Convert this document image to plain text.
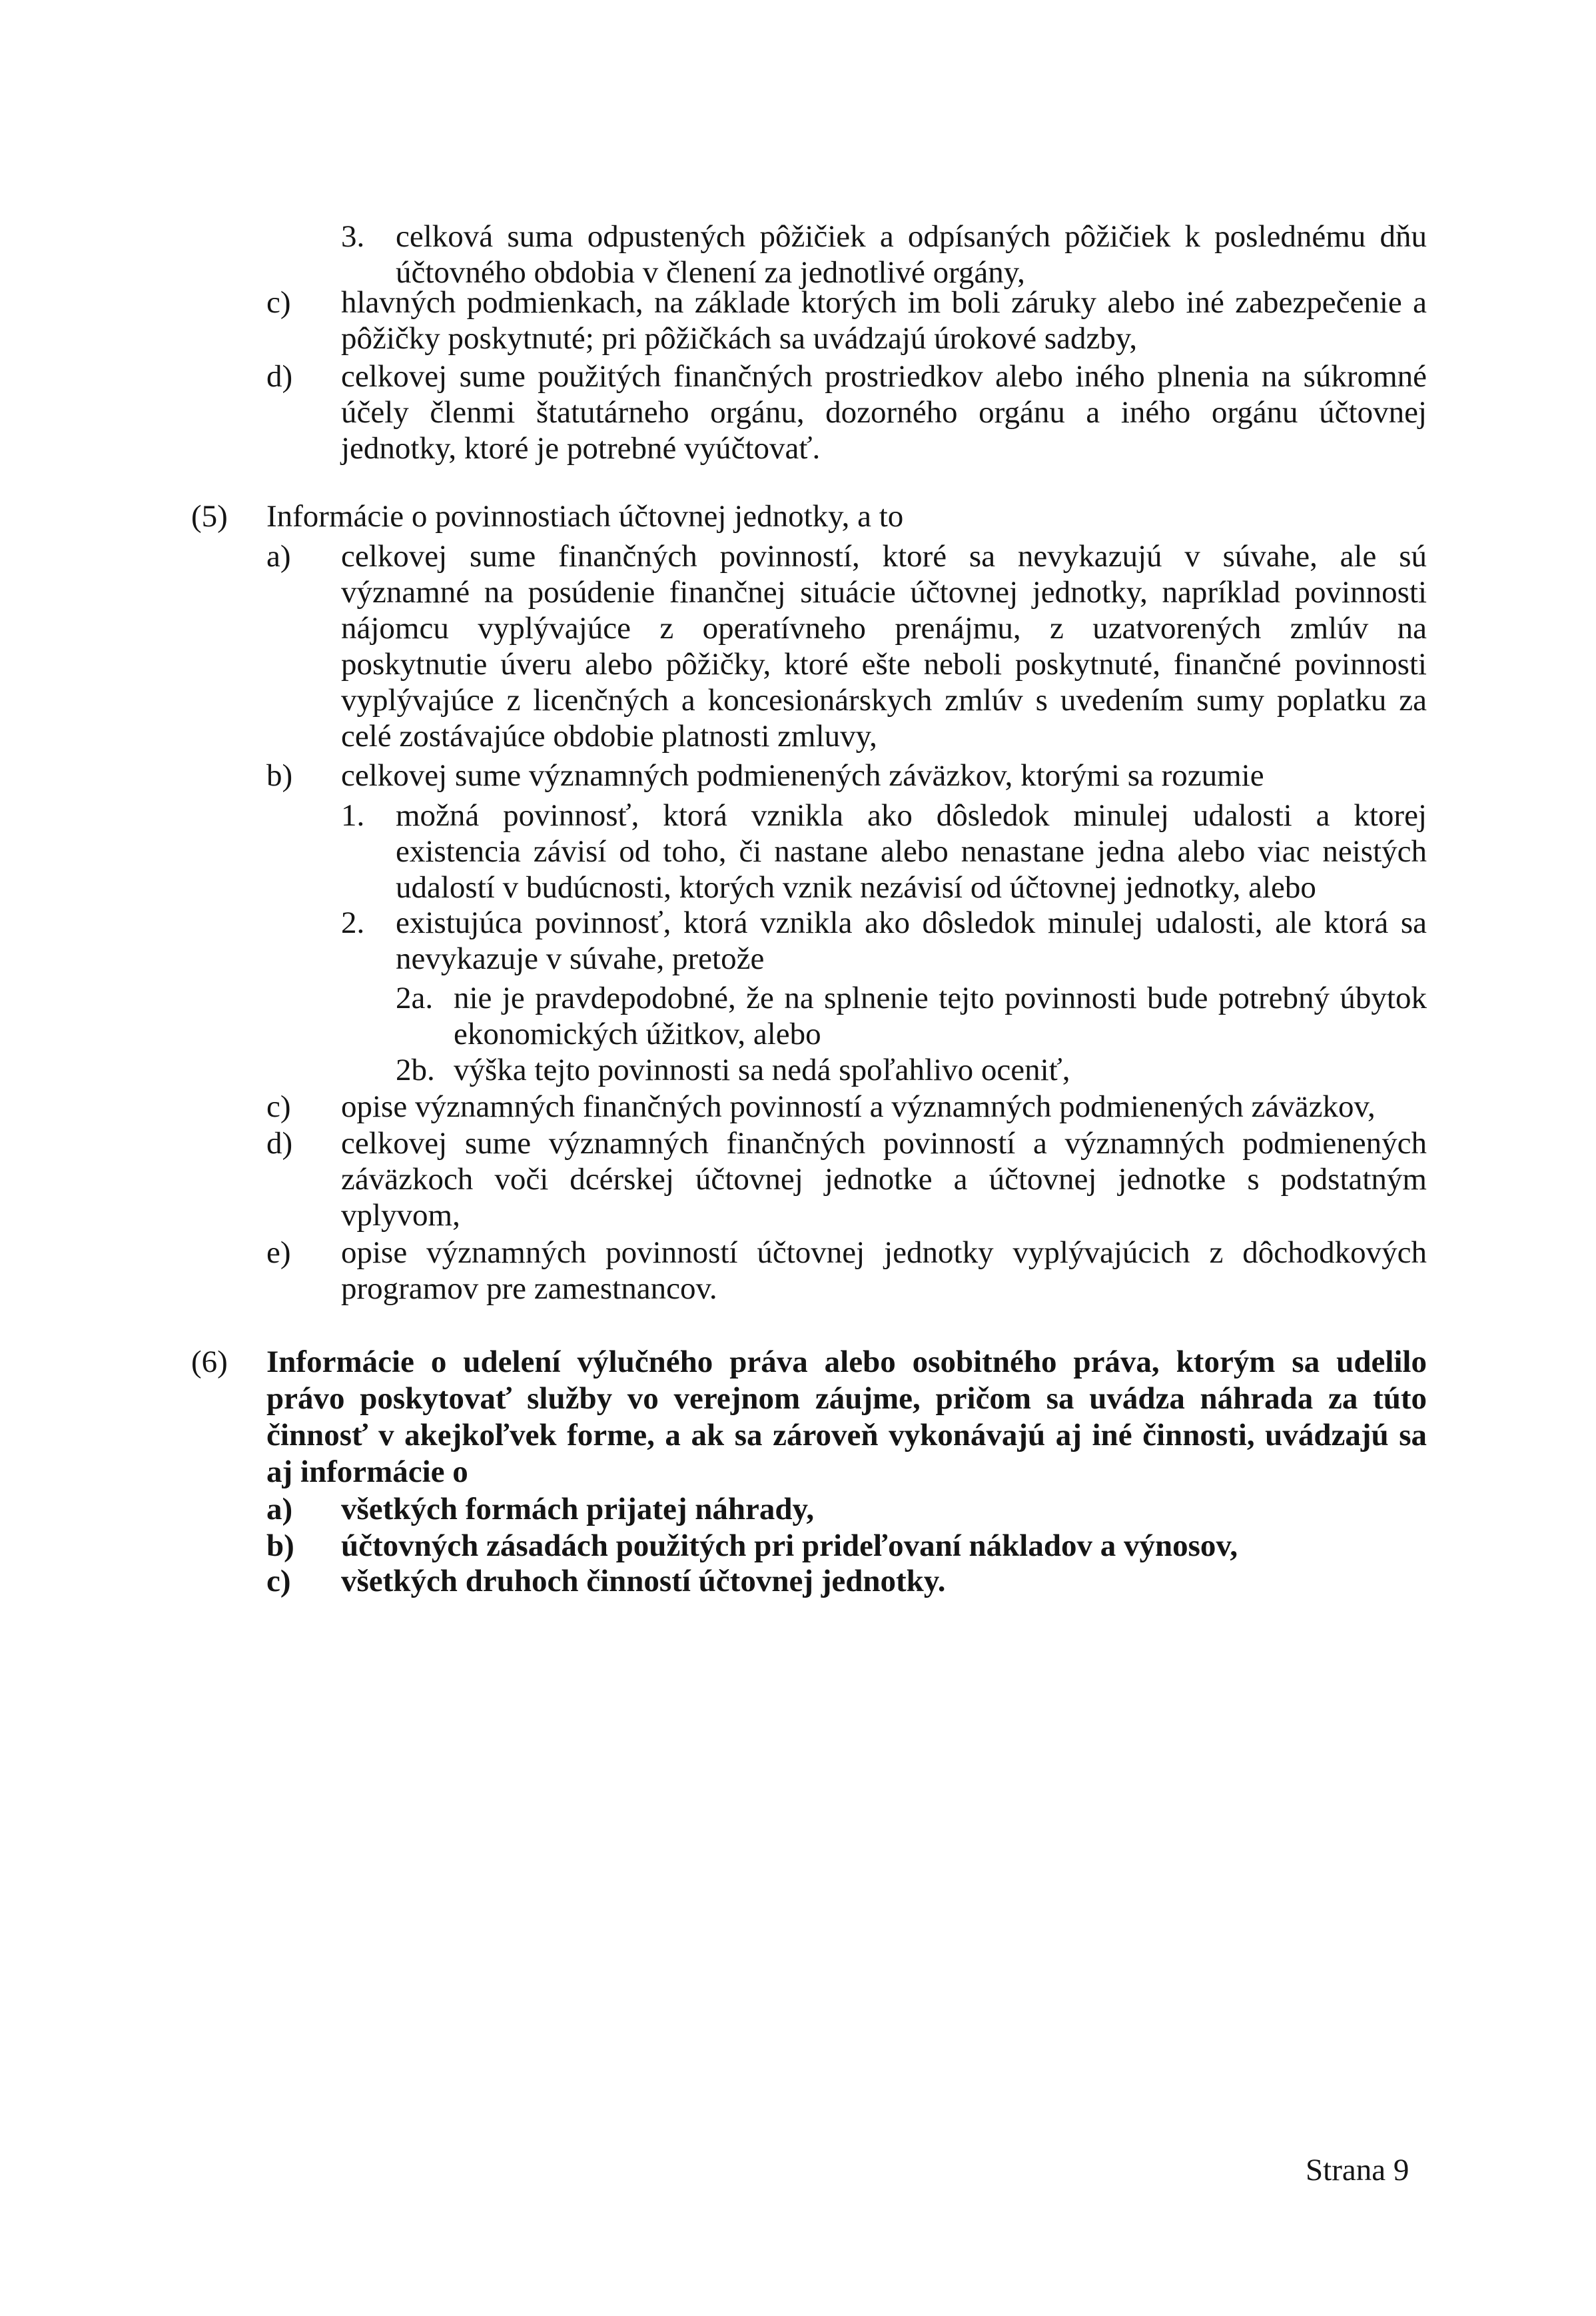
3. celková suma odpustených pôžičiek a odpísaných pôžičiek k poslednému dňu
účtovného obdobia v členení za jednotlivé orgány,
c) hlavných podmienkach, na základe ktorých im boli záruky alebo iné zabezpečenie a
pôžičky poskytnuté; pri pôžičkách sa uvádzajú úrokové sadzby,
d) celkovej sume použitých finančných prostriedkov alebo iného plnenia na súkromné
účely členmi štatutárneho orgánu, dozorného orgánu a iného orgánu účtovnej
jednotky, ktoré je potrebné vyúčtovať.
(5) Informácie o povinnostiach účtovnej jednotky, a to
a) celkovej sume finančných povinností, ktoré sa nevykazujú v súvahe, ale sú
významné na posúdenie finančnej situácie účtovnej jednotky, napríklad povinnosti
nájomcu vyplývajúce z operatívneho prenájmu, z uzatvorených zmlúv na
poskytnutie úveru alebo pôžičky, ktoré ešte neboli poskytnuté, finančné povinnosti
vyplývajúce z licenčných a koncesionárskych zmlúv s uvedením sumy poplatku za
celé zostávajúce obdobie platnosti zmluvy,
b) celkovej sume významných podmienených záväzkov, ktorými sa rozumie
1. možná povinnosť, ktorá vznikla ako dôsledok minulej udalosti a ktorej
existencia závisí od toho, či nastane alebo nenastane jedna alebo viac neistých
udalostí v budúcnosti, ktorých vznik nezávisí od účtovnej jednotky, alebo
2. existujúca povinnosť, ktorá vznikla ako dôsledok minulej udalosti, ale ktorá sa
nevykazuje v súvahe, pretože
2a. nie je pravdepodobné, že na splnenie tejto povinnosti bude potrebný úbytok
ekonomických úžitkov, alebo
2b. výška tejto povinnosti sa nedá spoľahlivo oceniť,
c) opise významných finančných povinností a významných podmienených záväzkov,
d) celkovej sume významných finančných povinností a významných podmienených
záväzkoch voči dcérskej účtovnej jednotke a účtovnej jednotke s podstatným
vplyvom,
e) opise významných povinností účtovnej jednotky vyplývajúcich z dôchodkových
programov pre zamestnancov.
(6) Informácie o udelení výlučného práva alebo osobitného práva, ktorým sa udelilo
právo poskytovať služby vo verejnom záujme, pričom sa uvádza náhrada za túto
činnosť v akejkoľvek forme, a ak sa zároveň vykonávajú aj iné činnosti, uvádzajú sa
aj informácie o
a) všetkých formách prijatej náhrady,
b) účtovných zásadách použitých pri prideľovaní nákladov a výnosov,
c) všetkých druhoch činností účtovnej jednotky.
Strana 9
